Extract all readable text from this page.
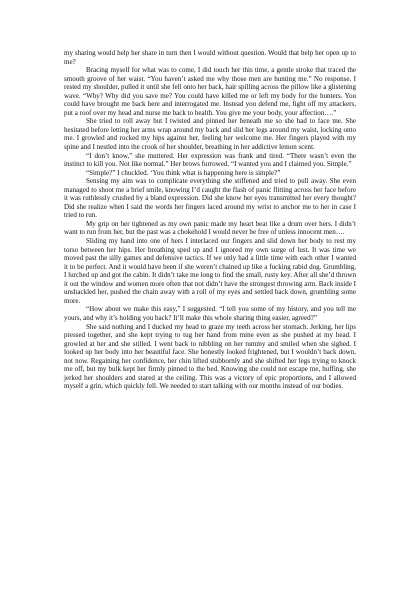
my sharing would help her share in turn then I would without question. Would that help her open up to me?

Bracing myself for what was to come, I did touch her this time, a gentle stroke that traced the smooth groove of her waist. “You haven’t asked me why those men are hunting me.” No response. I rested my shoulder, pulled it until she fell onto her back, hair spilling across the pillow like a glistening wave. “Why? Why did you save me? You could have killed me or left my body for the hunters. You could have brought me back here and interrogated me. Instead you defend me, fight off my attackers, put a roof over my head and nurse me back to health. You give me your body, your affection….”

She tried to roll away but I twisted and pinned her beneath me so she had to face me. She hesitated before letting her arms wrap around my back and slid her legs around my waist, locking onto me. I growled and rocked my hips against her, feeling her welcome me. Her fingers played with my spine and I nestled into the crook of her shoulder, breathing in her addictive lemon scent.

“I don’t know,” she muttered. Her expression was frank and tired. “There wasn’t even the instinct to kill you. Not like normal.” Her brows furrowed. “I wanted you and I claimed you. Simple.”

“Simple?” I chuckled. ‘You think what is happening here is simple?”

Sensing my aim was to complicate everything she stiffened and tried to pull away. She even managed to shoot me a brief smile, knowing I’d caught the flash of panic flitting across her face before it was ruthlessly crushed by a bland expression. Did she know her eyes transmitted her every thought? Did she realize when I said the words her fingers laced around my wrist to anchor me to her in case I tried to run.

My grip on her tightened as my own panic made my heart beat like a drum over hers. I didn’t want to run from her, but the past was a chokehold I would never be free of unless innocent men….

Sliding my hand into one of hers I interlaced our fingers and slid down her body to rest my torso between her hips. Her breathing sped up and I ignored my own surge of lust. It was time we moved past the silly games and defensive tactics. If we only had a little time with each other I wanted it to be perfect. And it would have been if she weren’t chained up like a fucking rabid dog. Grumbling, I lurched up and got the cabin. It didn’t take me long to find the small, rusty key. After all she’d thrown it out the window and women more often that not didn’t have the strongest throwing arm. Back inside I unshackled her, pushed the chain away with a roll of my eyes and settled back down, grumbling some more.

“How about we make this easy,” I suggested. “I tell you some of my history, and you tell me yours, and why it’s holding you back? It’ll make this whole sharing thing easier, agreed?”

She said nothing and I ducked my head to graze my teeth across her stomach. Jerking, her lips pressed together, and she kept trying to tug her hand from mine even as she pushed at my head. I growled at her and she stilled. I went back to nibbling on her tummy and smiled when she sighed. I looked up her body into her beautiful face. She honestly looked frightened, but I wouldn’t back down, not now. Regaining her confidence, her chin lifted stubbornly and she shifted her legs trying to knock me off, but my bulk kept her firmly pinned to the bed. Knowing she could not escape me, huffing, she jerked her shoulders and stared at the ceiling. This was a victory of epic proportions, and I allowed myself a grin, which quickly fell. We needed to start talking with our months instead of our bodies.
